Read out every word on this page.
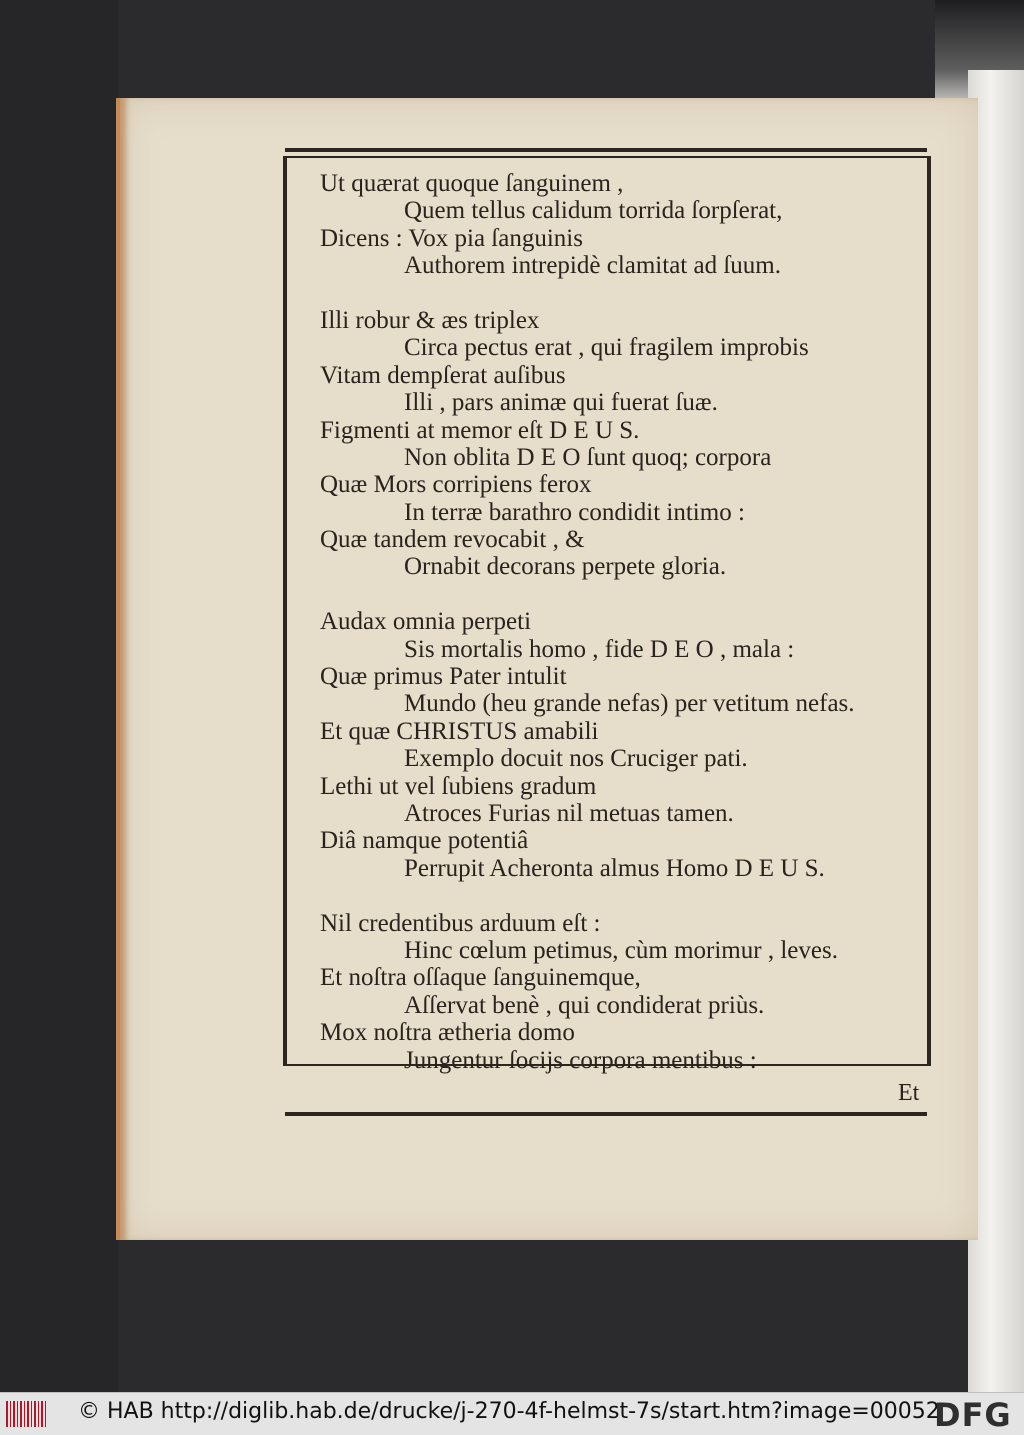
Ut quærat quoque ſanguinem ,
Quem tellus calidum torrida ſorpſerat,
Dicens : Vox pia ſanguinis
Authorem intrepidè clamitat ad ſuum.
Illi robur & æs triplex
Circa pectus erat , qui fragilem improbis
Vitam dempſerat auſibus
Illi , pars animæ qui fuerat ſuæ.
Figmenti at memor eſt D E U S.
Non oblita D E O ſunt quoq; corpora
Quæ Mors corripiens ferox
In terræ barathro condidit intimo :
Quæ tandem revocabit , &
Ornabit decorans perpete gloria.
Audax omnia perpeti
Sis mortalis homo , fide D E O , mala :
Quæ primus Pater intulit
Mundo (heu grande nefas) per vetitum nefas.
Et quæ CHRISTUS amabili
Exemplo docuit nos Cruciger pati.
Lethi ut vel ſubiens gradum
Atroces Furias nil metuas tamen.
Diâ namque potentiâ
Perrupit Acheronta almus Homo D E U S.
Nil credentibus arduum eſt :
Hinc cœlum petimus, cùm morimur , leves.
Et noſtra oſſaque ſanguinemque,
Aſſervat benè , qui condiderat priùs.
Mox noſtra ætheria domo
Jungentur ſocijs corpora mentibus :
Et
© HAB http://diglib.hab.de/drucke/j-270-4f-helmst-7s/start.htm?image=00052
DFG
